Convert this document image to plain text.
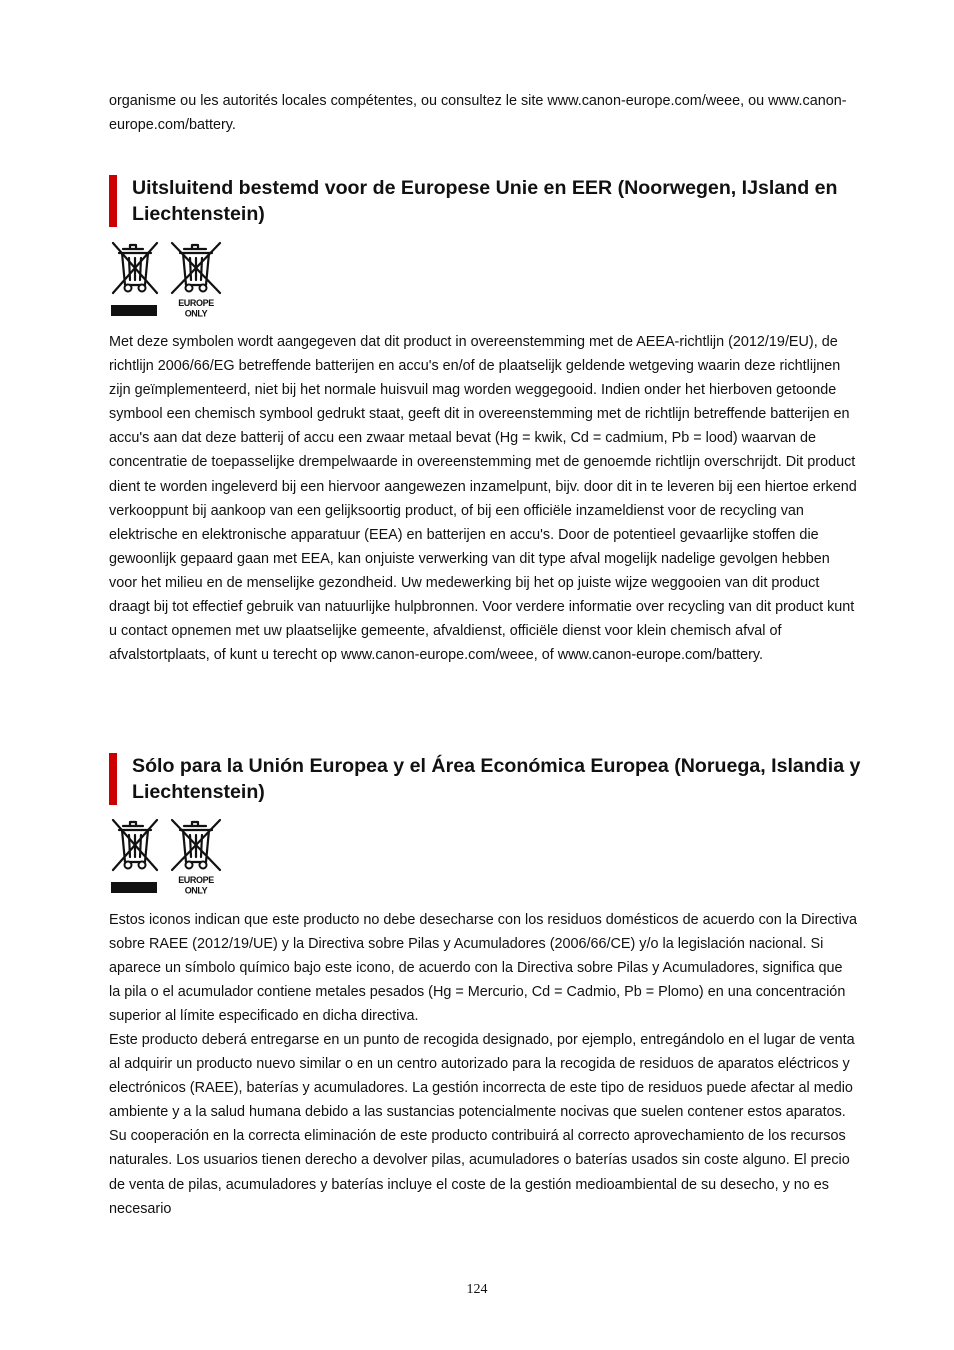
organisme ou les autorités locales compétentes, ou consultez le site www.canon-europe.com/weee, ou www.canon-europe.com/battery.

Uitsluitend bestemd voor de Europese Unie en EER (Noorwegen, IJsland en Liechtenstein)
EUROPE ONLY

Met deze symbolen wordt aangegeven dat dit product in overeenstemming met de AEEA-richtlijn (2012/19/EU), de richtlijn 2006/66/EG betreffende batterijen en accu's en/of de plaatselijk geldende wetgeving waarin deze richtlijnen zijn geïmplementeerd, niet bij het normale huisvuil mag worden weggegooid. Indien onder het hierboven getoonde symbool een chemisch symbool gedrukt staat, geeft dit in overeenstemming met de richtlijn betreffende batterijen en accu's aan dat deze batterij of accu een zwaar metaal bevat (Hg = kwik, Cd = cadmium, Pb = lood) waarvan de concentratie de toepasselijke drempelwaarde in overeenstemming met de genoemde richtlijn overschrijdt. Dit product dient te worden ingeleverd bij een hiervoor aangewezen inzamelpunt, bijv. door dit in te leveren bij een hiertoe erkend verkooppunt bij aankoop van een gelijksoortig product, of bij een officiële inzameldienst voor de recycling van elektrische en elektronische apparatuur (EEA) en batterijen en accu's. Door de potentieel gevaarlijke stoffen die gewoonlijk gepaard gaan met EEA, kan onjuiste verwerking van dit type afval mogelijk nadelige gevolgen hebben voor het milieu en de menselijke gezondheid. Uw medewerking bij het op juiste wijze weggooien van dit product draagt bij tot effectief gebruik van natuurlijke hulpbronnen. Voor verdere informatie over recycling van dit product kunt u contact opnemen met uw plaatselijke gemeente, afvaldienst, officiële dienst voor klein chemisch afval of afvalstortplaats, of kunt u terecht op www.canon-europe.com/weee, of www.canon-europe.com/battery.

Sólo para la Unión Europea y el Área Económica Europea (Noruega, Islandia y Liechtenstein)
EUROPE ONLY

Estos iconos indican que este producto no debe desecharse con los residuos domésticos de acuerdo con la Directiva sobre RAEE (2012/19/UE) y la Directiva sobre Pilas y Acumuladores (2006/66/CE) y/o la legislación nacional. Si aparece un símbolo químico bajo este icono, de acuerdo con la Directiva sobre Pilas y Acumuladores, significa que la pila o el acumulador contiene metales pesados (Hg = Mercurio, Cd = Cadmio, Pb = Plomo) en una concentración superior al límite especificado en dicha directiva.

Este producto deberá entregarse en un punto de recogida designado, por ejemplo, entregándolo en el lugar de venta al adquirir un producto nuevo similar o en un centro autorizado para la recogida de residuos de aparatos eléctricos y electrónicos (RAEE), baterías y acumuladores. La gestión incorrecta de este tipo de residuos puede afectar al medio ambiente y a la salud humana debido a las sustancias potencialmente nocivas que suelen contener estos aparatos. Su cooperación en la correcta eliminación de este producto contribuirá al correcto aprovechamiento de los recursos naturales. Los usuarios tienen derecho a devolver pilas, acumuladores o baterías usados sin coste alguno. El precio de venta de pilas, acumuladores y baterías incluye el coste de la gestión medioambiental de su desecho, y no es necesario

124
